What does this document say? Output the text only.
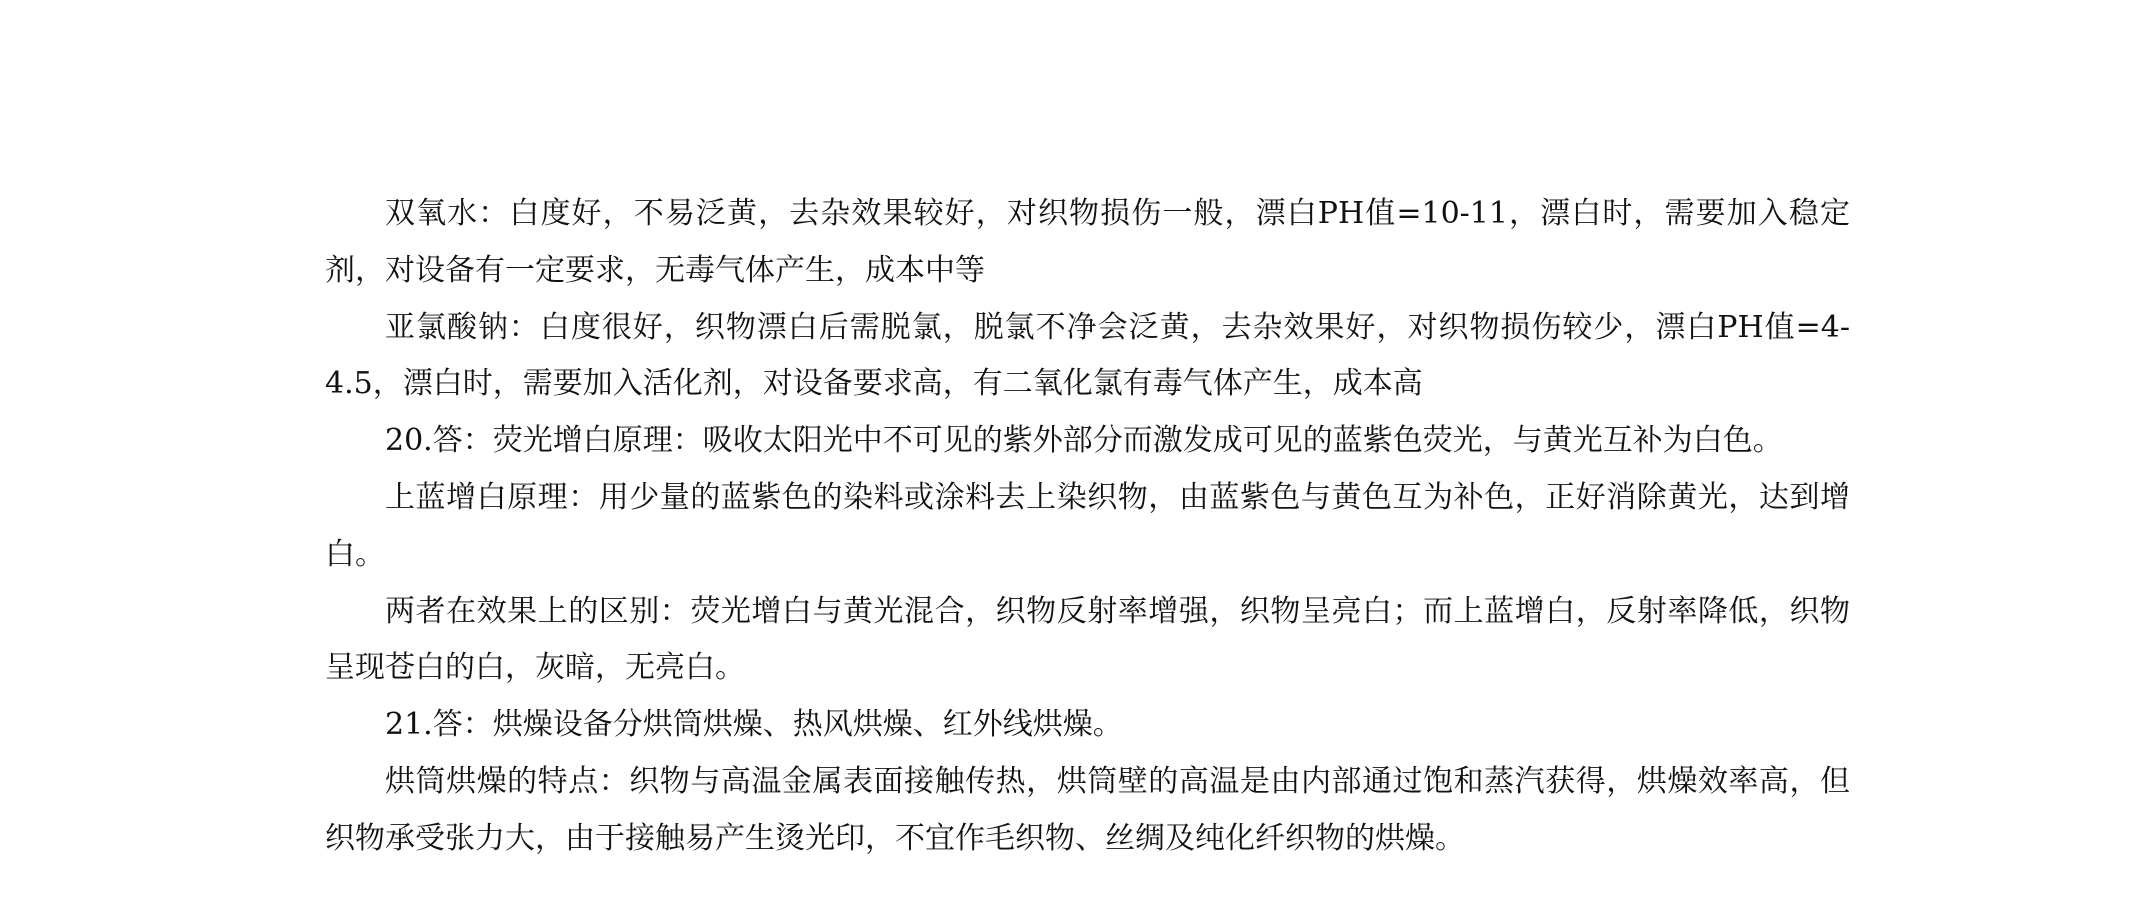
双氧水：白度好，不易泛黄，去杂效果较好，对织物损伤一般，漂白PH值=10-11，漂白时，需要加入稳定剂，对设备有一定要求，无毒气体产生，成本中等

亚氯酸钠：白度很好，织物漂白后需脱氯，脱氯不净会泛黄，去杂效果好，对织物损伤较少，漂白PH值=4-4.5，漂白时，需要加入活化剂，对设备要求高，有二氧化氯有毒气体产生，成本高

20.答：荧光增白原理：吸收太阳光中不可见的紫外部分而激发成可见的蓝紫色荧光，与黄光互补为白色。

上蓝增白原理：用少量的蓝紫色的染料或涂料去上染织物，由蓝紫色与黄色互为补色，正好消除黄光，达到增白。

两者在效果上的区别：荧光增白与黄光混合，织物反射率增强，织物呈亮白；而上蓝增白，反射率降低，织物呈现苍白的白，灰暗，无亮白。

21.答：烘燥设备分烘筒烘燥、热风烘燥、红外线烘燥。

烘筒烘燥的特点：织物与高温金属表面接触传热，烘筒壁的高温是由内部通过饱和蒸汽获得，烘燥效率高，但织物承受张力大，由于接触易产生烫光印，不宜作毛织物、丝绸及纯化纤织物的烘燥。
